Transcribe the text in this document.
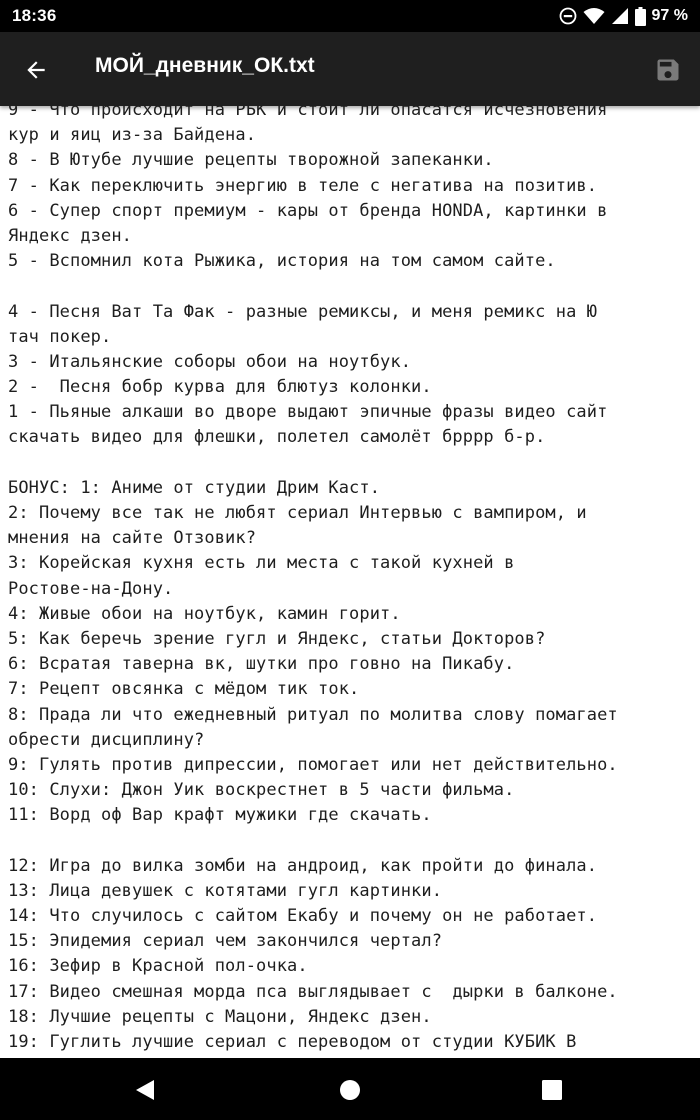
18:36	97 %
МОЙ_дневник_ОК.txt
9 - Что происходит на РЬК и стоит ли опасатся исчезновения
кур и яиц из-за Байдена.
8 - В Ютубе лучшие рецепты творожной запеканки.
7 - Как переключить энергию в теле с негатива на позитив.
6 - Супер спорт премиум - кары от бренда HONDA, картинки в
Яндекс дзен.
5 - Вспомнил кота Рыжика, история на том самом сайте.

4 - Песня Ват Та Фак - разные ремиксы, и меня ремикс на Ю
тач покер.
3 - Итальянские соборы обои на ноутбук.
2 -  Песня бобр курва для блютуз колонки.
1 - Пьяные алкаши во дворе выдают эпичные фразы видео сайт
скачать видео для флешки, полетел самолёт брррр б-р.

БОНУС: 1: Аниме от студии Дрим Каст.
2: Почему все так не любят сериал Интервью с вампиром, и
мнения на сайте Отзовик?
3: Корейская кухня есть ли места с такой кухней в
Ростове-на-Дону.
4: Живые обои на ноутбук, камин горит.
5: Как беречь зрение гугл и Яндекс, статьи Докторов?
6: Всратая таверна вк, шутки про говно на Пикабу.
7: Рецепт овсянка с мёдом тик ток.
8: Прада ли что ежедневный ритуал по молитва слову помагает
обрести дисциплину?
9: Гулять против дипрессии, помогает или нет действительно.
10: Слухи: Джон Уик воскрестнет в 5 части фильма.
11: Ворд оф Вар крафт мужики где скачать.

12: Игра до вилка зомби на андроид, как пройти до финала.
13: Лица девушек с котятами гугл картинки.
14: Что случилось с сайтом Екабу и почему он не работает.
15: Эпидемия сериал чем закончился чертал?
16: Зефир в Красной пол-очка.
17: Видео смешная морда пса выглядывает с  дырки в балконе.
18: Лучшие рецепты с Мацони, Яндекс дзен.
19: Гуглить лучшие сериал с переводом от студии КУБИК В
